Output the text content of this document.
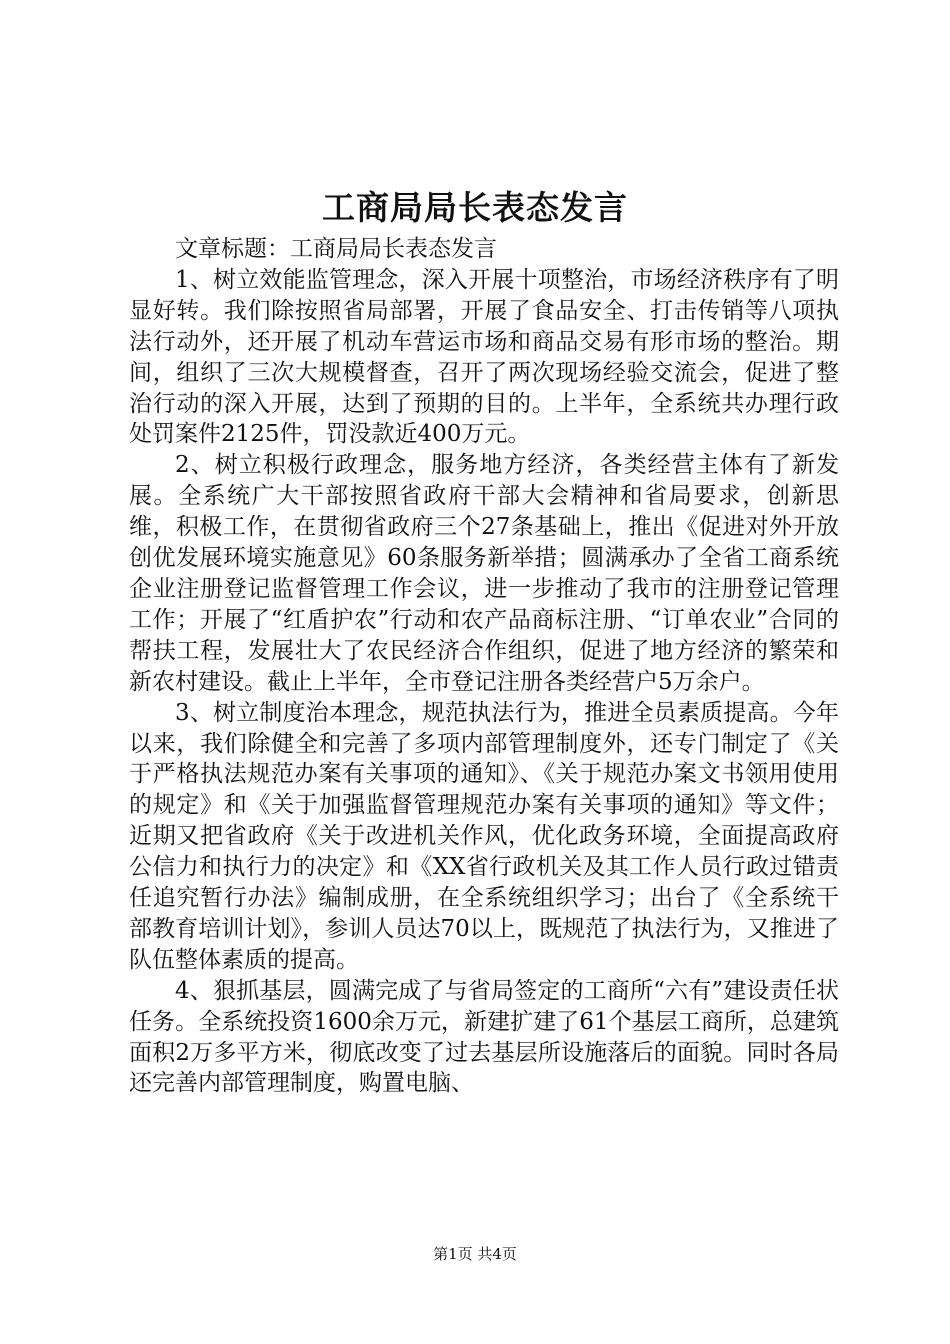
工商局局长表态发言

文章标题：工商局局长表态发言

1、树立效能监管理念，深入开展十项整治，市场经济秩序有了明显好转。我们除按照省局部署，开展了食品安全、打击传销等八项执法行动外，还开展了机动车营运市场和商品交易有形市场的整治。期间，组织了三次大规模督查，召开了两次现场经验交流会，促进了整治行动的深入开展，达到了预期的目的。上半年，全系统共办理行政处罚案件2125件，罚没款近400万元。

2、树立积极行政理念，服务地方经济，各类经营主体有了新发展。全系统广大干部按照省政府干部大会精神和省局要求，创新思维，积极工作，在贯彻省政府三个27条基础上，推出《促进对外开放创优发展环境实施意见》60条服务新举措；圆满承办了全省工商系统企业注册登记监督管理工作会议，进一步推动了我市的注册登记管理工作；开展了“红盾护农”行动和农产品商标注册、“订单农业”合同的帮扶工程，发展壮大了农民经济合作组织，促进了地方经济的繁荣和新农村建设。截止上半年，全市登记注册各类经营户5万余户。

3、树立制度治本理念，规范执法行为，推进全员素质提高。今年以来，我们除健全和完善了多项内部管理制度外，还专门制定了《关于严格执法规范办案有关事项的通知》、《关于规范办案文书领用使用的规定》和《关于加强监督管理规范办案有关事项的通知》等文件；近期又把省政府《关于改进机关作风，优化政务环境，全面提高政府公信力和执行力的决定》和《XX省行政机关及其工作人员行政过错责任追究暂行办法》编制成册，在全系统组织学习；出台了《全系统干部教育培训计划》，参训人员达70以上，既规范了执法行为，又推进了队伍整体素质的提高。

4、狠抓基层，圆满完成了与省局签定的工商所“六有”建设责任状任务。全系统投资1600余万元，新建扩建了61个基层工商所，总建筑面积2万多平方米，彻底改变了过去基层所设施落后的面貌。同时各局还完善内部管理制度，购置电脑、

第1页 共4页
